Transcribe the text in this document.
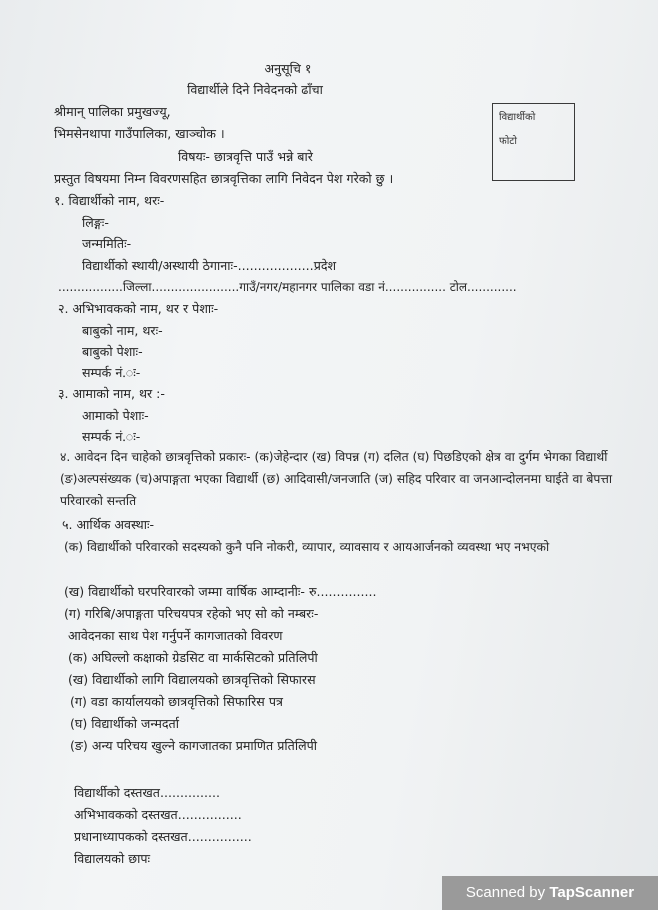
अनुसूचि १
विद्यार्थीले दिने निवेदनको ढाँचा
श्रीमान् पालिका प्रमुखज्यू,
भिमसेनथापा गाउँपालिका, खाञ्चोक ।
विद्यार्थीको
फोटो
विषयः- छात्रवृत्ति पाउँ भन्ने बारे
प्रस्तुत विषयमा निम्न विवरणसहित छात्रवृत्तिका लागि निवेदन पेश गरेको छु ।
१. विद्यार्थीको नाम, थरः-
लिङ्गः-
जन्ममितिः-
विद्यार्थीको स्थायी/अस्थायी ठेगानाः-...................प्रदेश
.................जिल्ला.......................गाउँ/नगर/महानगर पालिका वडा नं................ टोल.............
२. अभिभावकको नाम, थर र पेशाः-
बाबुको नाम, थरः-
बाबुको पेशाः-
सम्पर्क नं.ः-
३. आमाको नाम, थर :-
आमाको पेशाः-
सम्पर्क नं.ः-
४. आवेदन दिन चाहेको छात्रवृत्तिको प्रकारः- (क)जेहेन्दार (ख) विपन्न (ग) दलित (घ) पिछडिएको क्षेत्र वा दुर्गम भेगका विद्यार्थी (ङ)अल्पसंख्यक (च)अपाङ्गता भएका विद्यार्थी (छ) आदिवासी/जनजाति (ज) सहिद परिवार वा जनआन्दोलनमा घाईते वा बेपत्ता परिवारको सन्तति
५. आर्थिक अवस्थाः-
(क) विद्यार्थीको परिवारको सदस्यको कुनै पनि नोकरी, व्यापार, व्यावसाय र आयआर्जनको व्यवस्था भए नभएको
(ख) विद्यार्थीको घरपरिवारको जम्मा वार्षिक आम्दानीः- रु...............
(ग) गरिबि/अपाङ्गता परिचयपत्र रहेको भए सो को नम्बरः-
आवेदनका साथ पेश गर्नुपर्ने कागजातको विवरण
(क) अघिल्लो कक्षाको ग्रेडसिट वा मार्कसिटको प्रतिलिपी
(ख) विद्यार्थीको लागि विद्यालयको छात्रवृत्तिको सिफारस
(ग) वडा कार्यालयको छात्रवृत्तिको सिफारिस पत्र
(घ) विद्यार्थीको जन्मदर्ता
(ङ) अन्य परिचय खुल्ने कागजातका प्रमाणित प्रतिलिपी
विद्यार्थीको दस्तखत...............
अभिभावकको दस्तखत................
प्रधानाध्यापकको दस्तखत................
विद्यालयको छापः
Scanned by TapScanner
